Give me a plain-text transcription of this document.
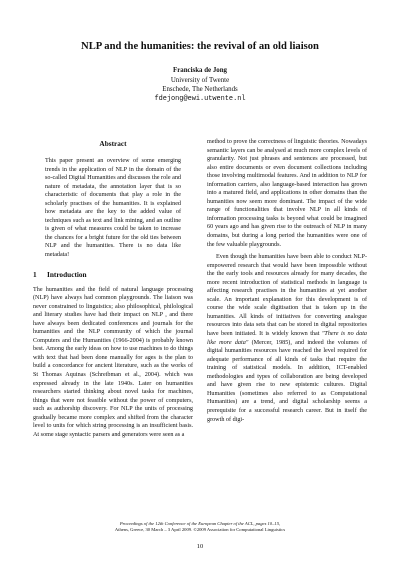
NLP and the humanities: the revival of an old liaison
Franciska de Jong
University of Twente
Enschede, The Netherlands
fdejong@ewi.utwente.nl
Abstract

This paper present an overview of some emerging trends in the application of NLP in the domain of the so-called Digital Humanities and discusses the role and nature of metadata, the annotation layer that is so characteristic of documents that play a role in the scholarly practises of the humanities. It is explained how metadata are the key to the added value of techniques such as text and link mining, and an outline is given of what measures could be taken to increase the chances for a bright future for the old ties between NLP and the humanities. There is no data like metadata!

1 Introduction

The humanities and the field of natural language processing (NLP) have always had common playgrounds. The liaison was never constrained to linguistics; also philosophical, philological and literary studies have had their impact on NLP , and there have always been dedicated conferences and journals for the humanities and the NLP community of which the journal Computers and the Humanities (1966-2004) is probably known best. Among the early ideas on how to use machines to do things with text that had been done manually for ages is the plan to build a concordance for ancient literature, such as the works of St Thomas Aquinas (Schreibman et al., 2004). which was expressed already in the late 1940s. Later on humanities researchers started thinking about novel tasks for machines, things that were not feasible without the power of computers, such as authorship discovery. For NLP the units of processing gradually became more complex and shifted from the character level to units for which string processing is an insufficient basis. At some stage syntactic parsers and generators were seen as a

method to prove the correctness of linguistic theories. Nowadays semantic layers can be analysed at much more complex levels of granularity. Not just phrases and sentences are processed, but also entire documents or even document collections including those involving multimodal features. And in addition to NLP for information carriers, also language-based interaction has grown into a matured field, and applications in other domains than the humanities now seem more dominant. The impact of the wide range of functionalities that involve NLP in all kinds of information processing tasks is beyond what could be imagined 60 years ago and has given rise to the outreach of NLP in many domains, but during a long period the humanities were one of the few valuable playgrounds.

Even though the humanities have been able to conduct NLP-empowered research that would have been impossible without the the early tools and resources already for many decades, the more recent introduction of statistical methods in language is affecting research practises in the humanities at yet another scale. An important explanation for this development is of course the wide scale digitisation that is taken up in the humanities. All kinds of initiatives for converting analogue resources into data sets that can be stored in digital repositories have been initiated. It is widely known that "There is no data like more data" (Mercer, 1985), and indeed the volumes of digital humanities resources have reached the level required for adequate performance of all kinds of tasks that require the training of statistical models. In addition, ICT-enabled methodologies and types of collaboration are being developed and have given rise to new epistemic cultures. Digital Humanities (sometimes also referred to as Computational Humanities) are a trend, and digital scholarship seems a prerequisite for a successful research career. But in itself the growth of digi-

Proceedings of the 12th Conference of the European Chapter of the ACL, pages 10–15,
Athens, Greece, 30 March – 3 April 2009. ©2009 Association for Computational Linguistics
10
